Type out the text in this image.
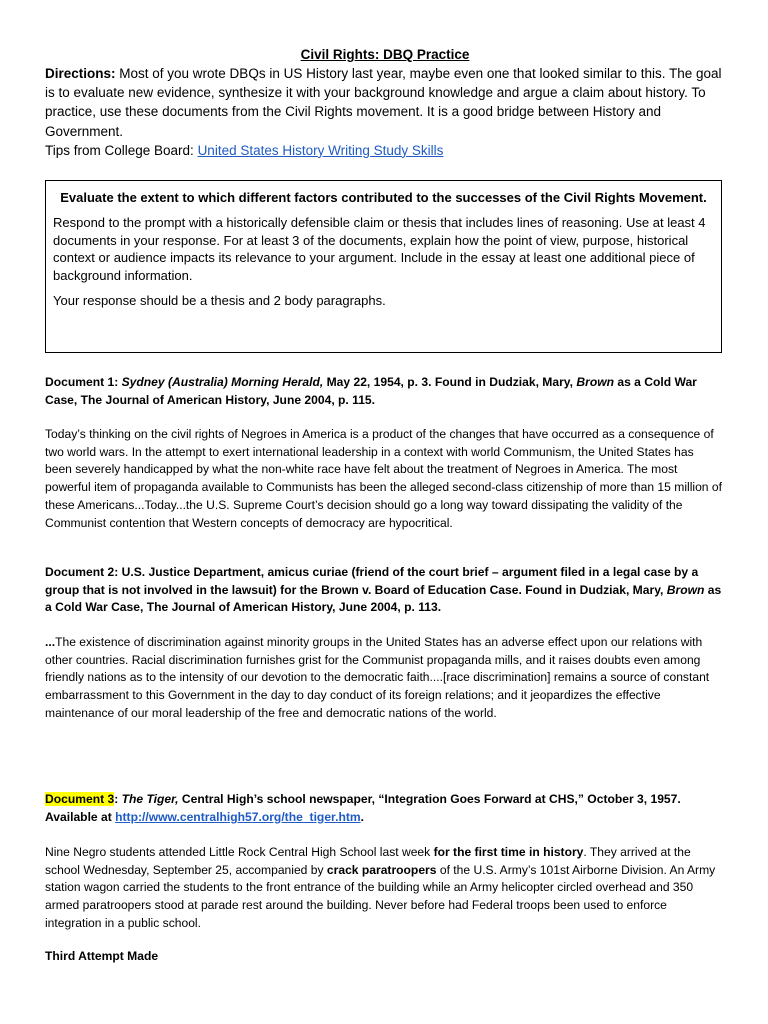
Civil Rights: DBQ Practice

Directions: Most of you wrote DBQs in US History last year, maybe even one that looked similar to this. The goal is to evaluate new evidence, synthesize it with your background knowledge and argue a claim about history. To practice, use these documents from the Civil Rights movement. It is a good bridge between History and Government.

Tips from College Board: United States History Writing Study Skills

Evaluate the extent to which different factors contributed to the successes of the Civil Rights Movement.

Respond to the prompt with a historically defensible claim or thesis that includes lines of reasoning. Use at least 4 documents in your response. For at least 3 of the documents, explain how the point of view, purpose, historical context or audience impacts its relevance to your argument. Include in the essay at least one additional piece of background information.

Your response should be a thesis and 2 body paragraphs.

Document 1: Sydney (Australia) Morning Herald, May 22, 1954, p. 3. Found in Dudziak, Mary, Brown as a Cold War Case, The Journal of American History, June 2004, p. 115.

Today’s thinking on the civil rights of Negroes in America is a product of the changes that have occurred as a consequence of two world wars. In the attempt to exert international leadership in a context with world Communism, the United States has been severely handicapped by what the non-white race have felt about the treatment of Negroes in America. The most powerful item of propaganda available to Communists has been the alleged second-class citizenship of more than 15 million of these Americans...Today...the U.S. Supreme Court’s decision should go a long way toward dissipating the validity of the Communist contention that Western concepts of democracy are hypocritical.

Document 2: U.S. Justice Department, amicus curiae (friend of the court brief – argument filed in a legal case by a group that is not involved in the lawsuit) for the Brown v. Board of Education Case. Found in Dudziak, Mary, Brown as a Cold War Case, The Journal of American History, June 2004, p. 113.

...The existence of discrimination against minority groups in the United States has an adverse effect upon our relations with other countries. Racial discrimination furnishes grist for the Communist propaganda mills, and it raises doubts even among friendly nations as to the intensity of our devotion to the democratic faith....[race discrimination] remains a source of constant embarrassment to this Government in the day to day conduct of its foreign relations; and it jeopardizes the effective maintenance of our moral leadership of the free and democratic nations of the world.

Document 3: The Tiger, Central High’s school newspaper, “Integration Goes Forward at CHS,” October 3, 1957.

Available at http://www.centralhigh57.org/the_tiger.htm.

Nine Negro students attended Little Rock Central High School last week for the first time in history. They arrived at the school Wednesday, September 25, accompanied by crack paratroopers of the U.S. Army’s 101st Airborne Division. An Army station wagon carried the students to the front entrance of the building while an Army helicopter circled overhead and 350 armed paratroopers stood at parade rest around the building. Never before had Federal troops been used to enforce integration in a public school.

Third Attempt Made
